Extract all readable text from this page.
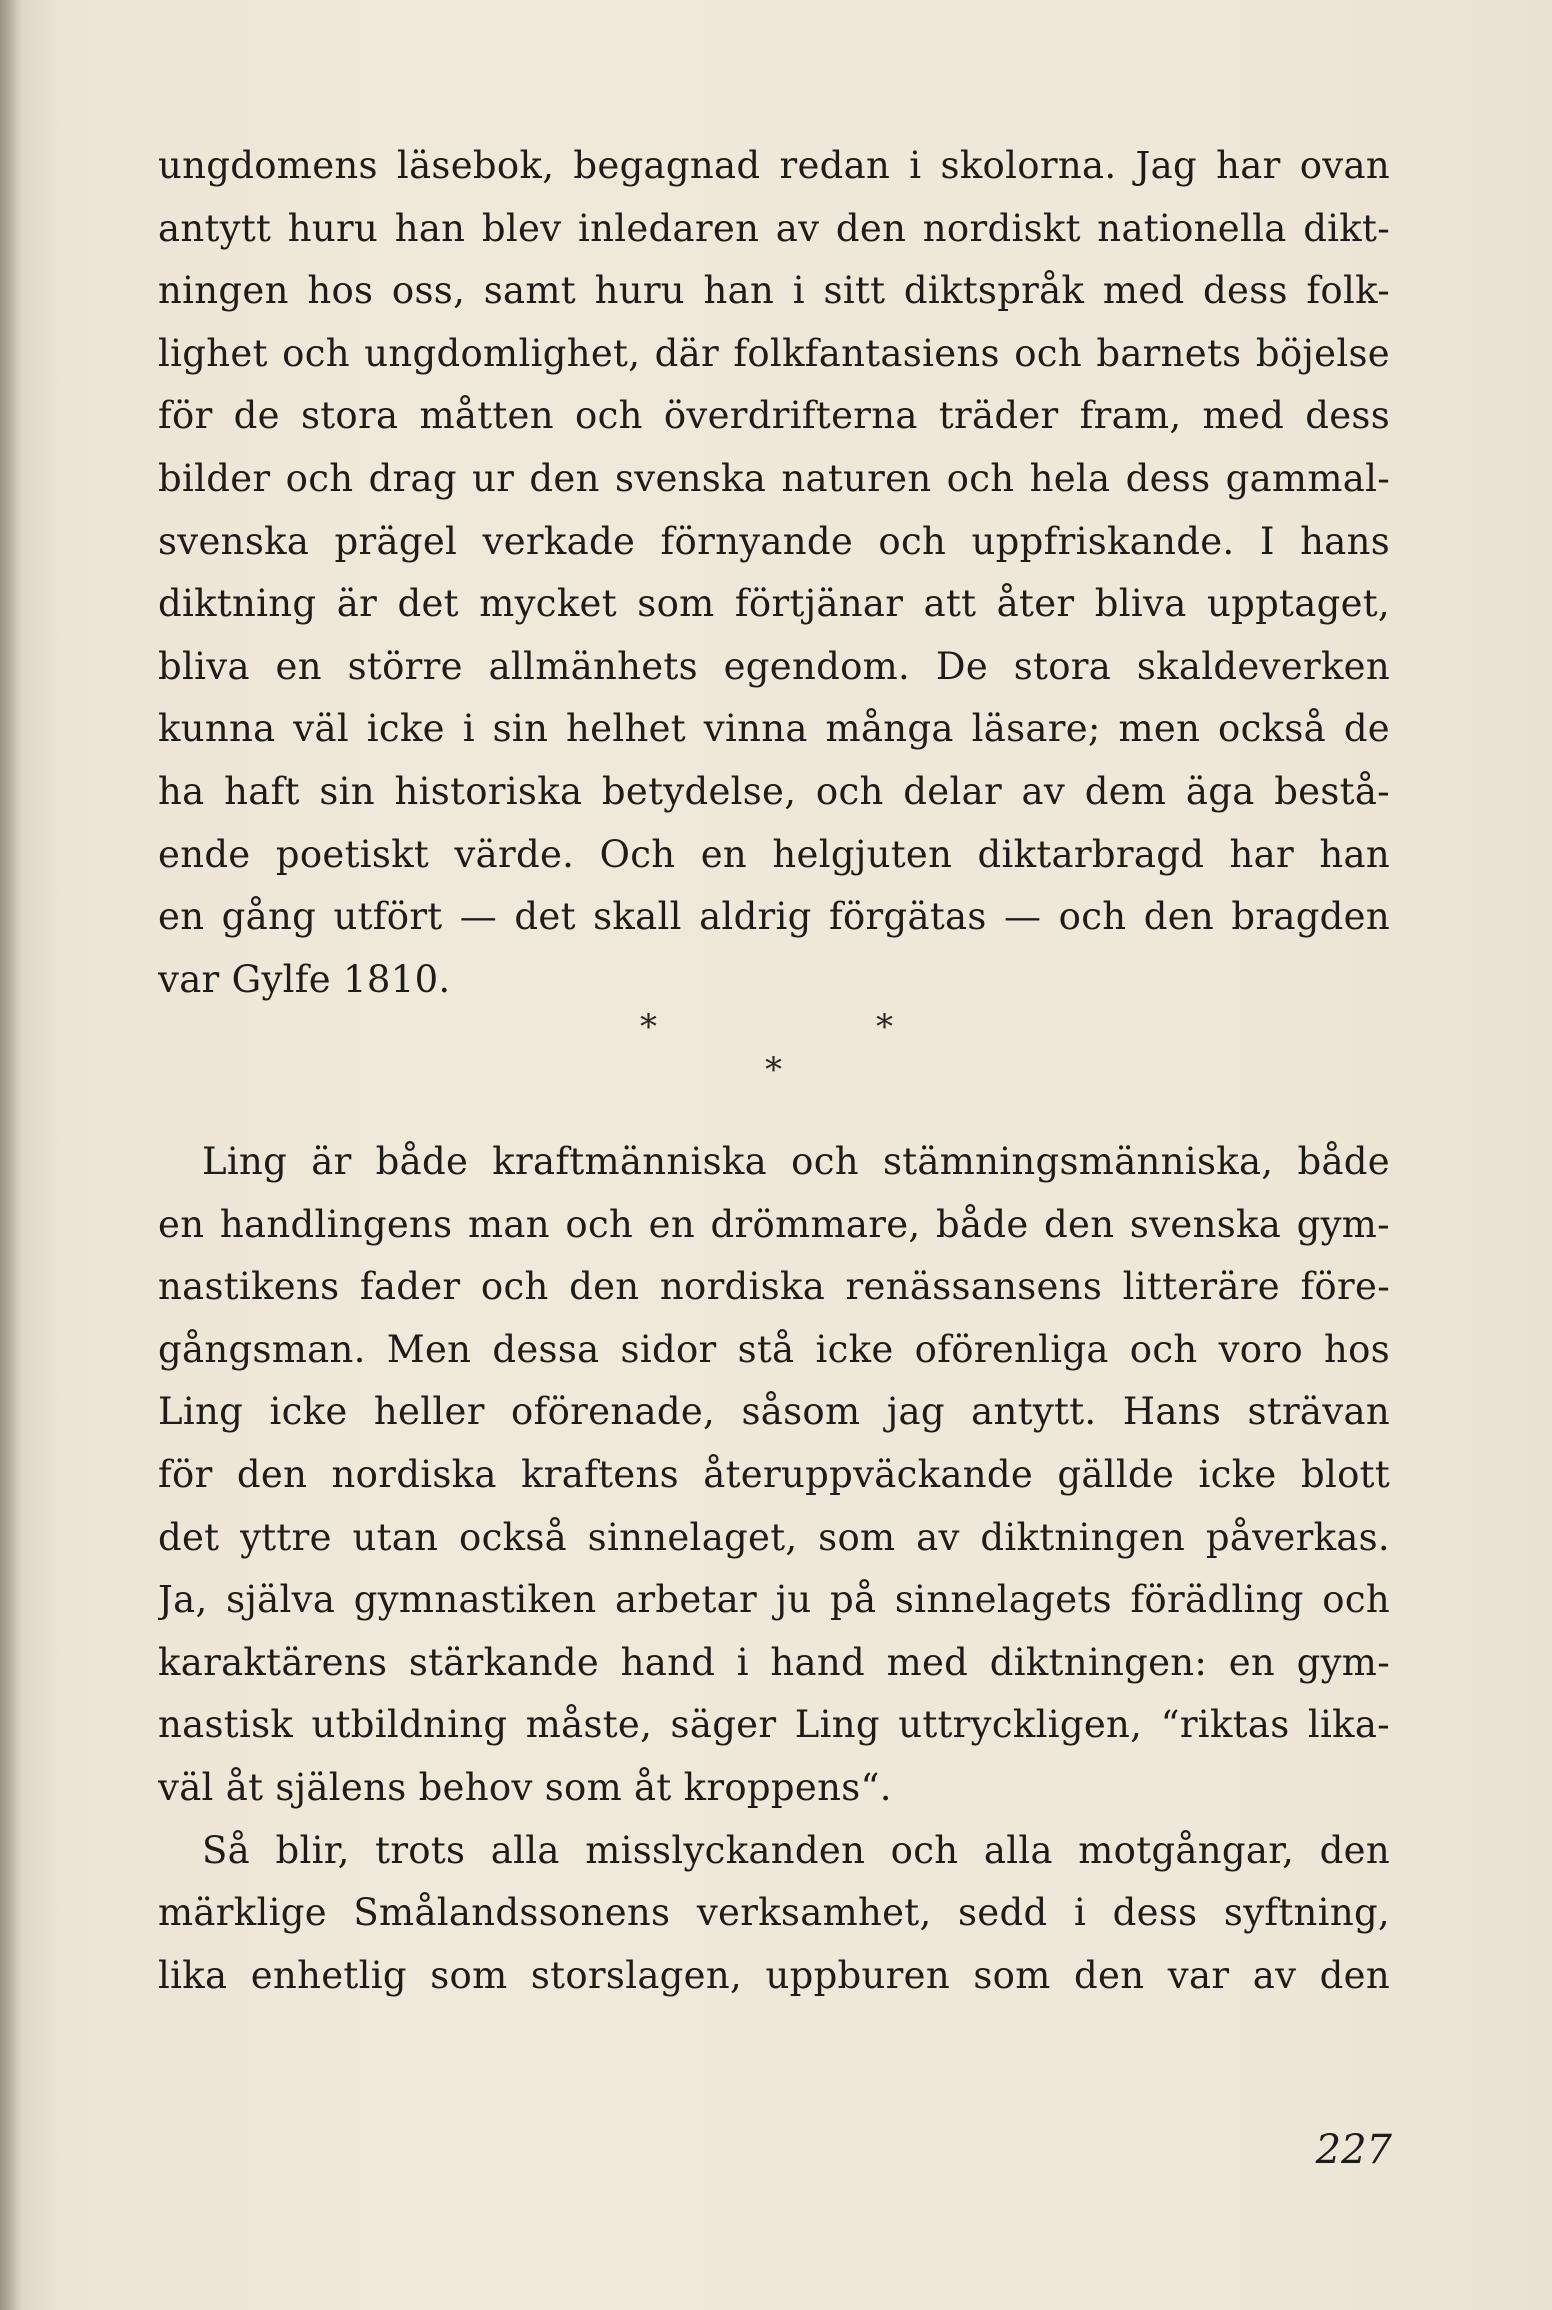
ungdomens läsebok, begagnad redan i skolorna. Jag har ovan
antytt huru han blev inledaren av den nordiskt nationella dikt-
ningen hos oss, samt huru han i sitt diktspråk med dess folk-
lighet och ungdomlighet, där folkfantasiens och barnets böjelse
för de stora måtten och överdrifterna träder fram, med dess
bilder och drag ur den svenska naturen och hela dess gammal-
svenska prägel verkade förnyande och uppfriskande. I hans
diktning är det mycket som förtjänar att åter bliva upptaget,
bliva en större allmänhets egendom. De stora skaldeverken
kunna väl icke i sin helhet vinna många läsare; men också de
ha haft sin historiska betydelse, och delar av dem äga bestå-
ende poetiskt värde. Och en helgjuten diktarbragd har han
en gång utfört — det skall aldrig förgätas — och den bragden
var Gylfe 1810.
*	*
*
Ling är både kraftmänniska och stämningsmänniska, både
en handlingens man och en drömmare, både den svenska gym-
nastikens fader och den nordiska renässansens litteräre före-
gångsman. Men dessa sidor stå icke oförenliga och voro hos
Ling icke heller oförenade, såsom jag antytt. Hans strävan
för den nordiska kraftens återuppväckande gällde icke blott
det yttre utan också sinnelaget, som av diktningen påverkas.
Ja, själva gymnastiken arbetar ju på sinnelagets förädling och
karaktärens stärkande hand i hand med diktningen: en gym-
nastisk utbildning måste, säger Ling uttryckligen, “riktas lika-
väl åt själens behov som åt kroppens“.
Så blir, trots alla misslyckanden och alla motgångar, den
märklige Smålandssonens verksamhet, sedd i dess syftning,
lika enhetlig som storslagen, uppburen som den var av den
227
